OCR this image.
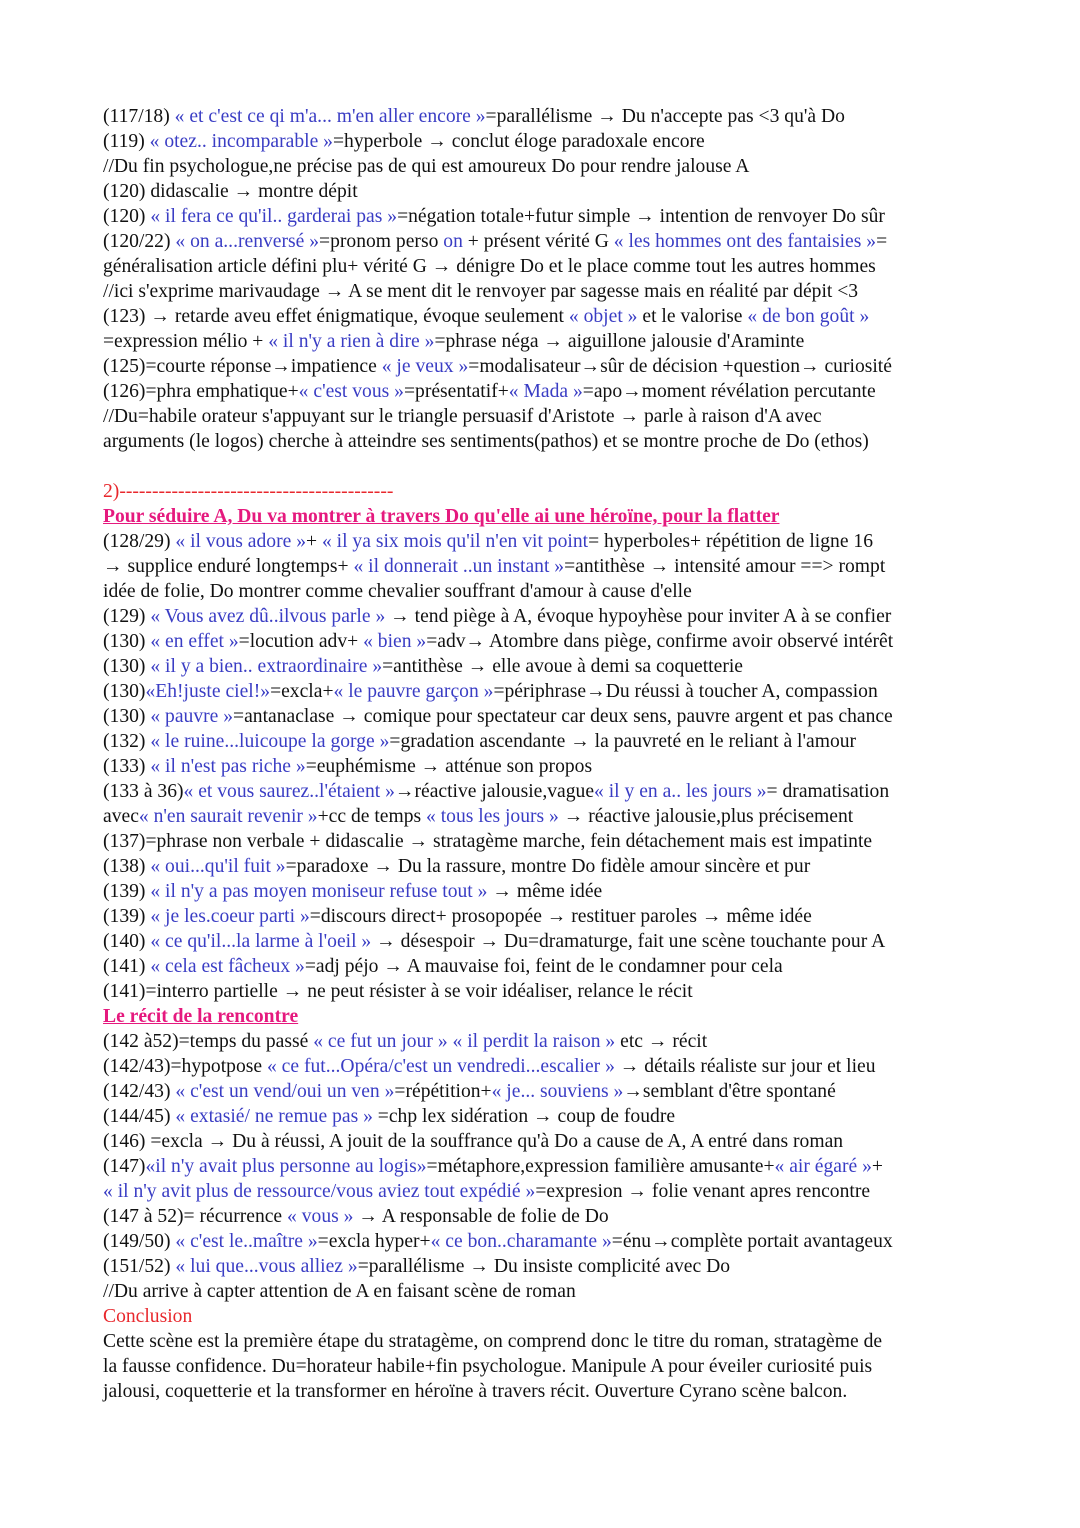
(117/18) « et c'est ce qi m'a... m'en aller encore »=parallélisme → Du n'accepte pas <3 qu'à Do
(119) « otez.. incomparable »=hyperbole → conclut éloge paradoxale encore
//Du fin psychologue,ne précise pas de qui est amoureux Do pour rendre jalouse A
(120) didascalie → montre dépit
(120) « il fera ce qu'il.. garderai pas »=négation totale+futur simple → intention de renvoyer Do sûr
(120/22) « on a...renversé »=pronom perso on + présent vérité G « les hommes ont des fantaisies »=
généralisation article défini plu+ vérité G → dénigre Do et le place comme tout les autres hommes
//ici s'exprime marivaudage → A se ment dit le renvoyer par sagesse mais en réalité par dépit <3
(123) → retarde aveu effet énigmatique, évoque seulement « objet » et le valorise « de bon goût »
=expression mélio + « il n'y a rien à dire »=phrase néga → aiguillone jalousie d'Araminte
(125)=courte réponse→impatience « je veux »=modalisateur→sûr de décision +question→ curiosité
(126)=phra emphatique+« c'est vous »=présentatif+« Mada »=apo→moment révélation percutante
//Du=habile orateur s'appuyant sur le triangle persuasif d'Aristote → parle à raison d'A avec
arguments (le logos) cherche à atteindre ses sentiments(pathos) et se montre proche de Do (ethos)
2)------------------------------------------
Pour séduire A, Du va montrer à travers Do qu'elle ai une héroïne, pour la flatter
(128/29) « il vous adore »+ « il ya six mois qu'il n'en vit point= hyperboles+ répétition de ligne 16
→ supplice enduré longtemps+ « il donnerait ..un instant »=antithèse → intensité amour ==> rompt
idée de folie, Do montrer comme chevalier souffrant d'amour à cause d'elle
(129) « Vous avez dû..ilvous parle » → tend piège à A, évoque hypoyhèse pour inviter A à se confier
(130) « en effet »=locution adv+ « bien »=adv→ Atombre dans piège, confirme avoir observé intérêt
(130) « il y a bien.. extraordinaire »=antithèse → elle avoue à demi sa coquetterie
(130)«Eh!juste ciel!»=excla+« le pauvre garçon »=périphrase→Du réussi à toucher A, compassion
(130) « pauvre »=antanaclase → comique pour spectateur car deux sens, pauvre argent et pas chance
(132) « le ruine...luicoupe la gorge »=gradation ascendante → la pauvreté en le reliant à l'amour
(133) « il n'est pas riche »=euphémisme → atténue son propos
(133 à 36)« et vous saurez..l'étaient »→réactive jalousie,vague« il y en a.. les jours »= dramatisation
avec« n'en saurait revenir »+cc de temps « tous les jours » → réactive jalousie,plus précisement
(137)=phrase non verbale + didascalie → stratagème marche, fein détachement mais est impatinte
(138) « oui...qu'il fuit »=paradoxe → Du la rassure, montre Do fidèle amour sincère et pur
(139) « il n'y a pas moyen moniseur refuse tout » → même idée
(139) « je les.coeur parti »=discours direct+ prosopopée → restituer paroles → même idée
(140) « ce qu'il...la larme à l'oeil » → désespoir → Du=dramaturge, fait une scène touchante pour A
(141) « cela est fâcheux »=adj péjo → A mauvaise foi, feint de le condamner pour cela
(141)=interro partielle → ne peut résister à se voir idéaliser, relance le récit
Le récit de la rencontre
(142 à52)=temps du passé « ce fut un jour » « il perdit la raison » etc → récit
(142/43)=hypotpose « ce fut...Opéra/c'est un vendredi...escalier » → détails réaliste sur jour et lieu
(142/43) « c'est un vend/oui un ven »=répétition+« je... souviens »→semblant d'être spontané
(144/45) « extasié/ ne remue pas » =chp lex sidération → coup de foudre
(146) =excla → Du à réussi, A jouit de la souffrance qu'à Do a cause de A, A entré dans roman
(147)«il n'y avait plus personne au logis»=métaphore,expression familière amusante+« air égaré »+
« il n'y avit plus de ressource/vous aviez tout expédié »=expresion → folie venant apres rencontre
(147 à 52)= récurrence « vous » → A responsable de folie de Do
(149/50) « c'est le..maître »=excla hyper+« ce bon..charamante »=énu→complète portait avantageux
(151/52) « lui que...vous alliez »=parallélisme → Du insiste complicité avec Do
//Du arrive à capter attention de A en faisant scène de roman
Conclusion
Cette scène est la première étape du stratagème, on comprend donc le titre du roman, stratagème de
la fausse confidence. Du=horateur habile+fin psychologue. Manipule A pour éveiler curiosité puis
jalousi, coquetterie et la transformer en héroïne à travers récit. Ouverture Cyrano scène balcon.
